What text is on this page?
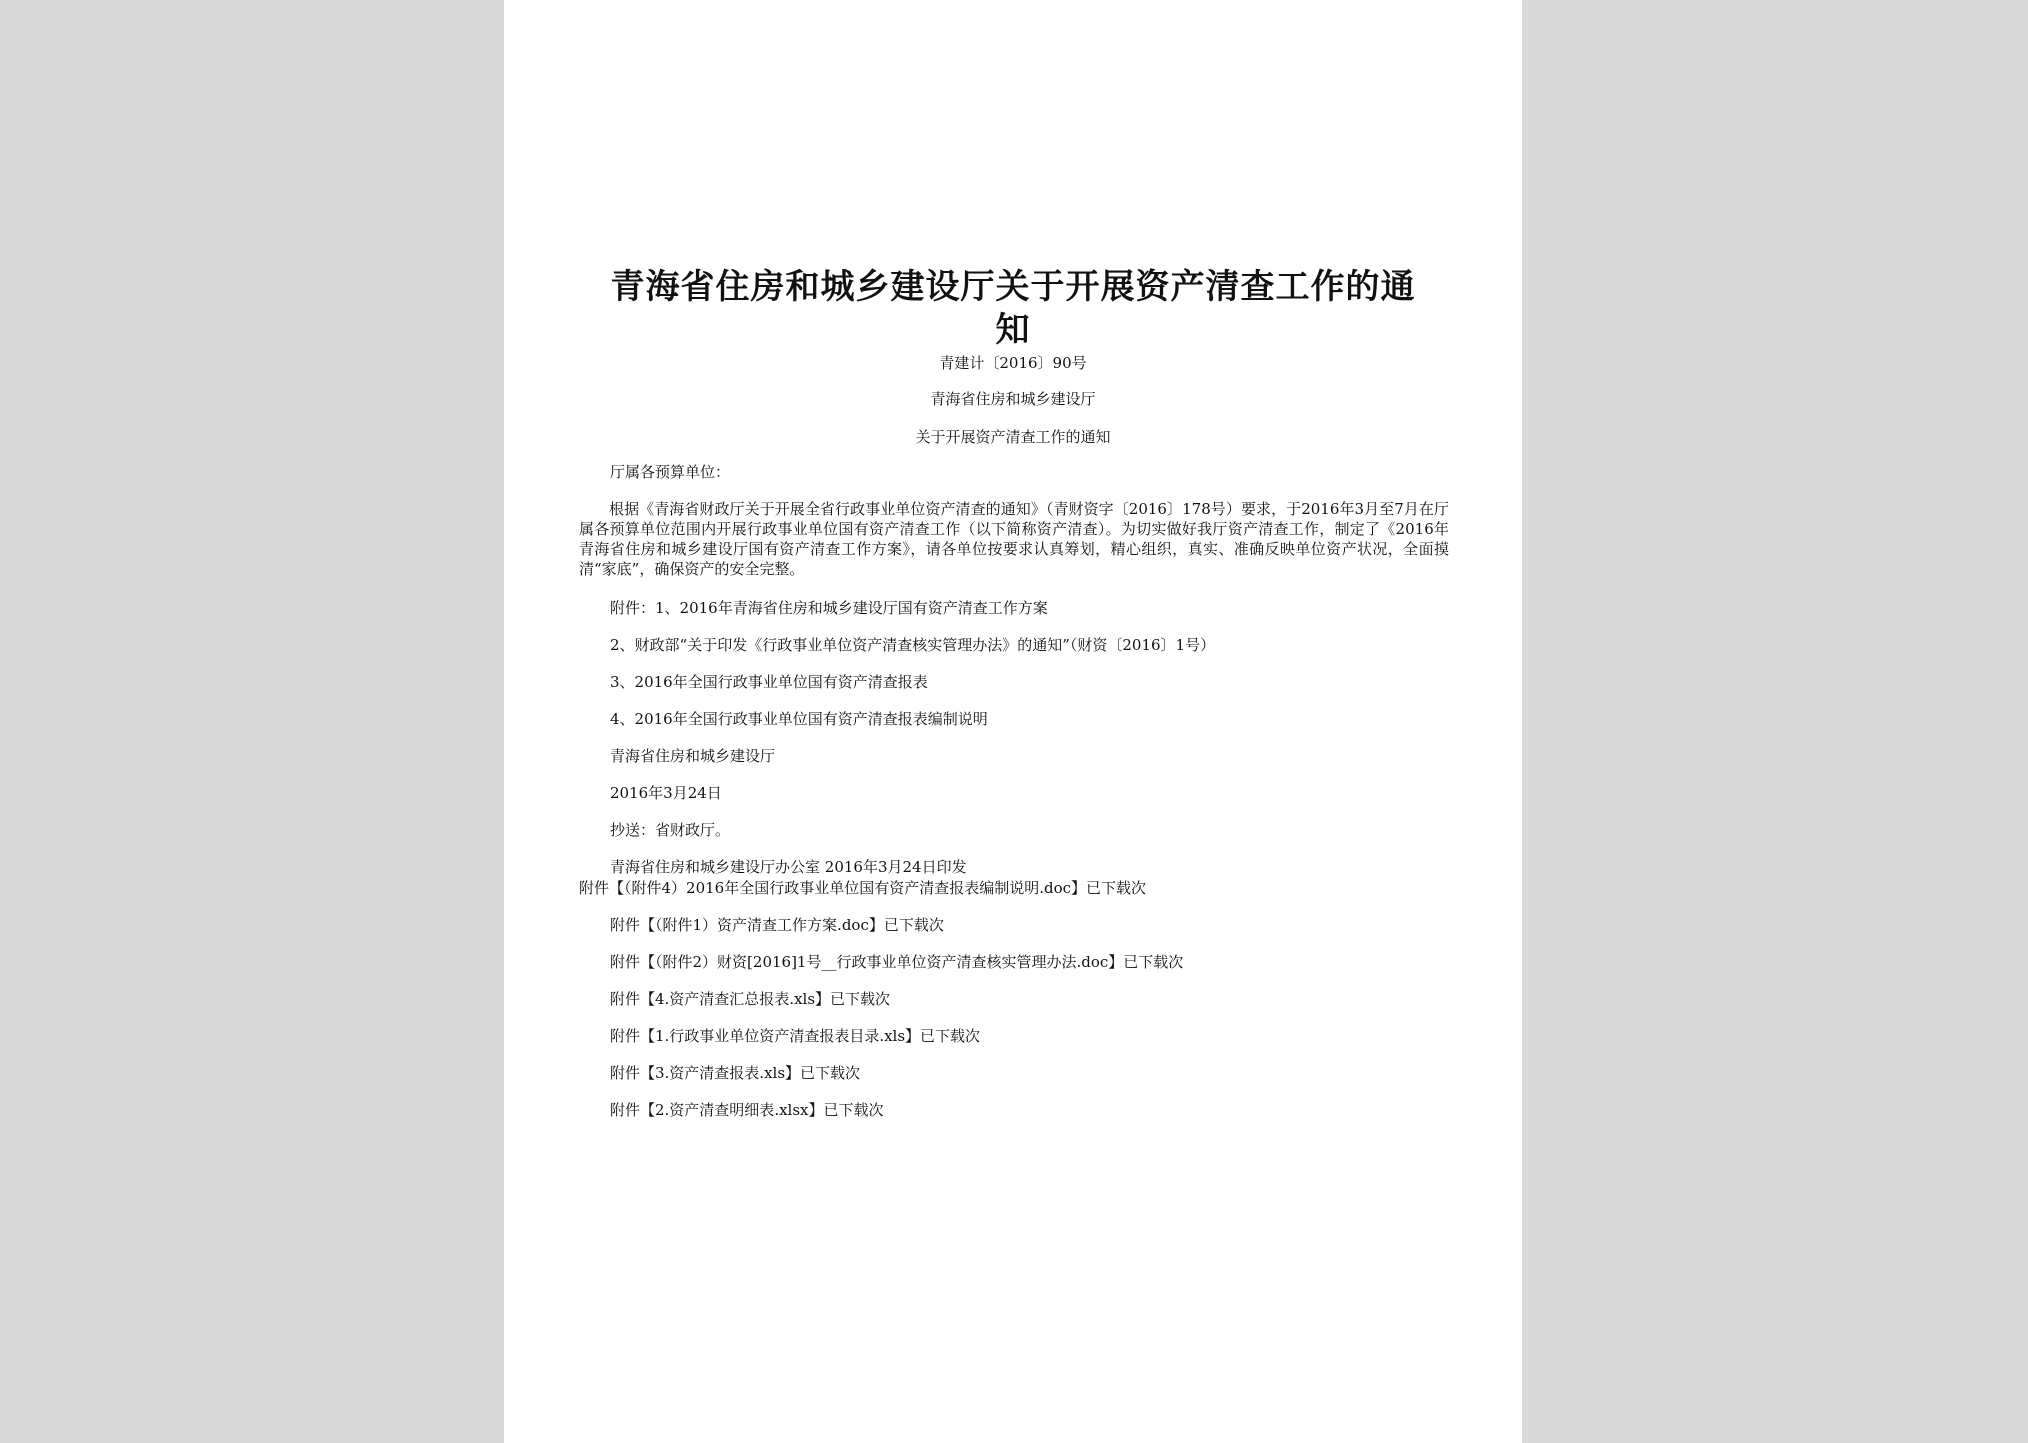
青海省住房和城乡建设厅关于开展资产清查工作的通
知
青建计〔2016〕90号
青海省住房和城乡建设厅
关于开展资产清查工作的通知
厅属各预算单位：
根据《青海省财政厅关于开展全省行政事业单位资产清查的通知》（青财资字〔2016〕178号）要求，于2016年3月至7月在厅属各预算单位范围内开展行政事业单位国有资产清查工作（以下简称资产清查）。为切实做好我厅资产清查工作，制定了《2016年青海省住房和城乡建设厅国有资产清查工作方案》，请各单位按要求认真筹划，精心组织，真实、准确反映单位资产状况，全面摸清“家底”，确保资产的安全完整。
附件：1、2016年青海省住房和城乡建设厅国有资产清查工作方案
2、财政部“关于印发《行政事业单位资产清查核实管理办法》的通知”（财资〔2016〕1号）
3、2016年全国行政事业单位国有资产清查报表
4、2016年全国行政事业单位国有资产清查报表编制说明
青海省住房和城乡建设厅
2016年3月24日
抄送：省财政厅。
青海省住房和城乡建设厅办公室 2016年3月24日印发
附件【（附件4）2016年全国行政事业单位国有资产清查报表编制说明.doc】已下载次
附件【（附件1）资产清查工作方案.doc】已下载次
附件【（附件2）财资[2016]1号__行政事业单位资产清查核实管理办法.doc】已下载次
附件【4.资产清查汇总报表.xls】已下载次
附件【1.行政事业单位资产清查报表目录.xls】已下载次
附件【3.资产清查报表.xls】已下载次
附件【2.资产清查明细表.xlsx】已下载次
